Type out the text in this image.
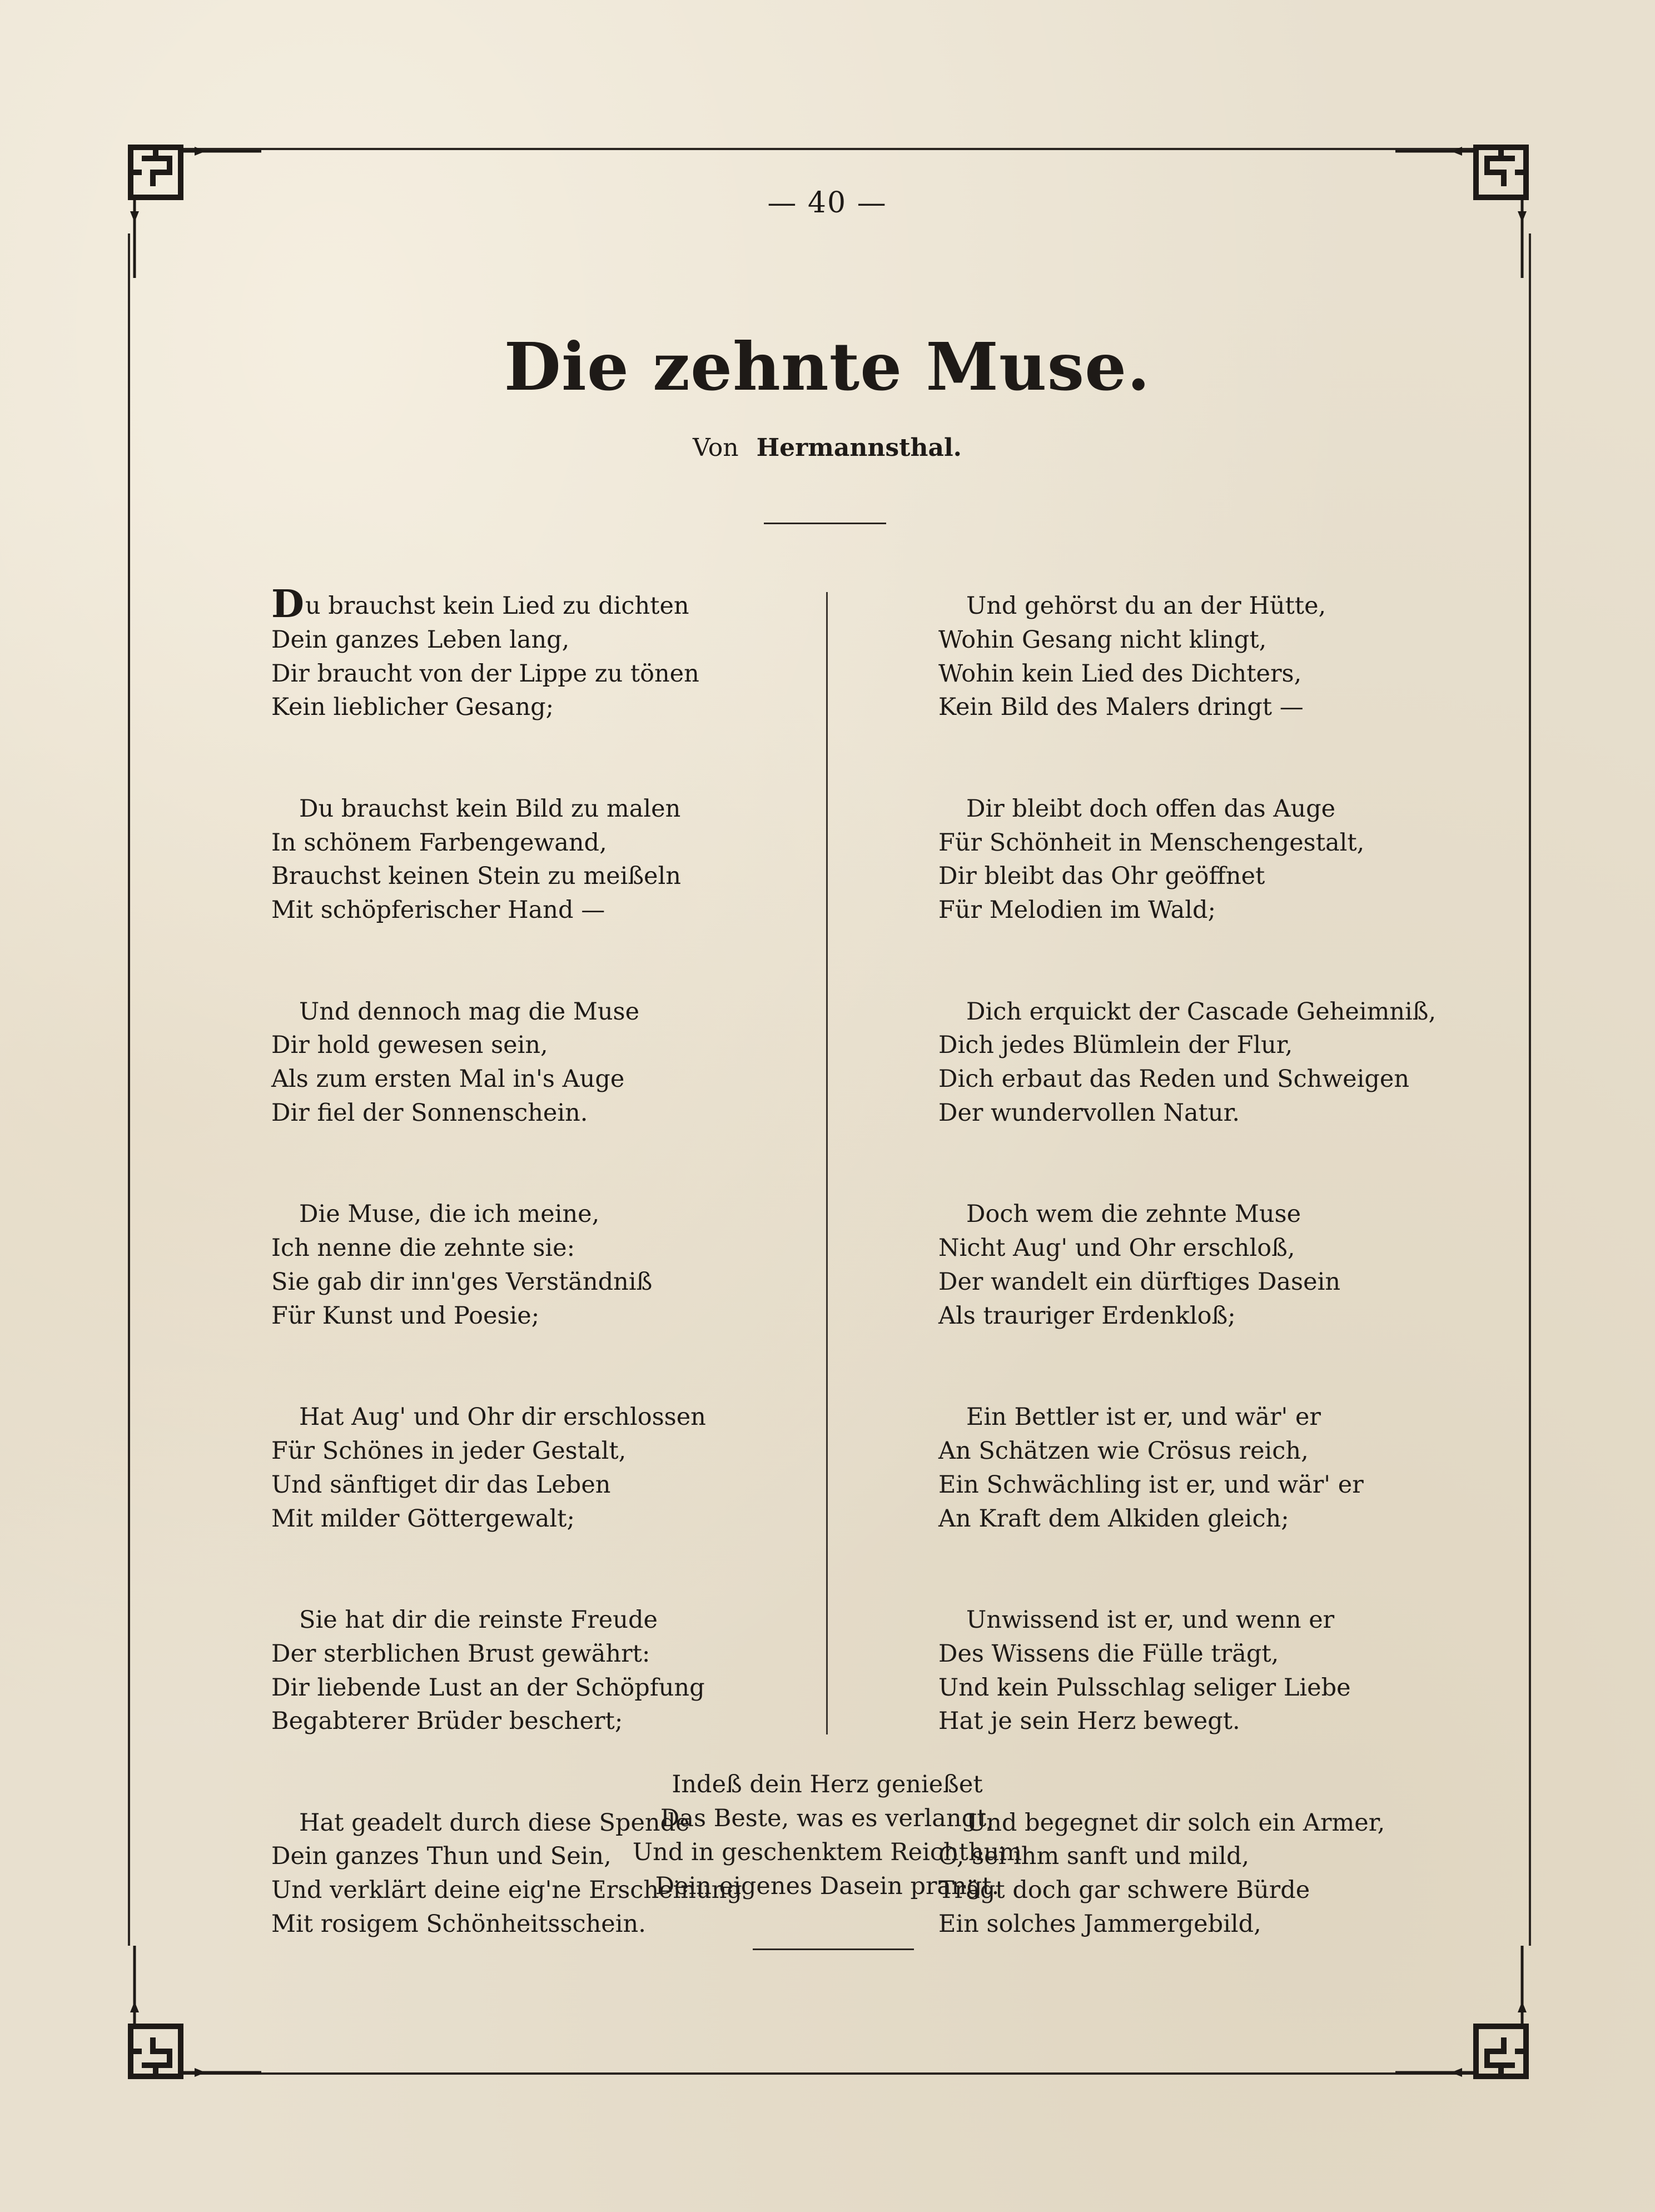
— 40 —
Die zehnte Muse.
Von Hermannsthal.
Du brauchst kein Lied zu dichten
Dein ganzes Leben lang,
Dir braucht von der Lippe zu tönen
Kein lieblicher Gesang;
Du brauchst kein Bild zu malen
In schönem Farbengewand,
Brauchst keinen Stein zu meißeln
Mit schöpferischer Hand —
Und dennoch mag die Muse
Dir hold gewesen sein,
Als zum ersten Mal in's Auge
Dir fiel der Sonnenschein.
Die Muse, die ich meine,
Ich nenne die zehnte sie:
Sie gab dir inn'ges Verständniß
Für Kunst und Poesie;
Hat Aug' und Ohr dir erschlossen
Für Schönes in jeder Gestalt,
Und sänftiget dir das Leben
Mit milder Göttergewalt;
Sie hat dir die reinste Freude
Der sterblichen Brust gewährt:
Dir liebende Lust an der Schöpfung
Begabterer Brüder beschert;
Hat geadelt durch diese Spende
Dein ganzes Thun und Sein,
Und verklärt deine eig'ne Erscheinung
Mit rosigem Schönheitsschein.
Und gehörst du an der Hütte,
Wohin Gesang nicht klingt,
Wohin kein Lied des Dichters,
Kein Bild des Malers dringt —
Dir bleibt doch offen das Auge
Für Schönheit in Menschengestalt,
Dir bleibt das Ohr geöffnet
Für Melodien im Wald;
Dich erquickt der Cascade Geheimniß,
Dich jedes Blümlein der Flur,
Dich erbaut das Reden und Schweigen
Der wundervollen Natur.
Doch wem die zehnte Muse
Nicht Aug' und Ohr erschloß,
Der wandelt ein dürftiges Dasein
Als trauriger Erdenkloß;
Ein Bettler ist er, und wär' er
An Schätzen wie Crösus reich,
Ein Schwächling ist er, und wär' er
An Kraft dem Alkiden gleich;
Unwissend ist er, und wenn er
Des Wissens die Fülle trägt,
Und kein Pulsschlag seliger Liebe
Hat je sein Herz bewegt.
Und begegnet dir solch ein Armer,
O, sei ihm sanft und mild,
Trägt doch gar schwere Bürde
Ein solches Jammergebild,
Indeß dein Herz genießet
Das Beste, was es verlangt,
Und in geschenktem Reichthum
Dein eigenes Dasein prangt.
